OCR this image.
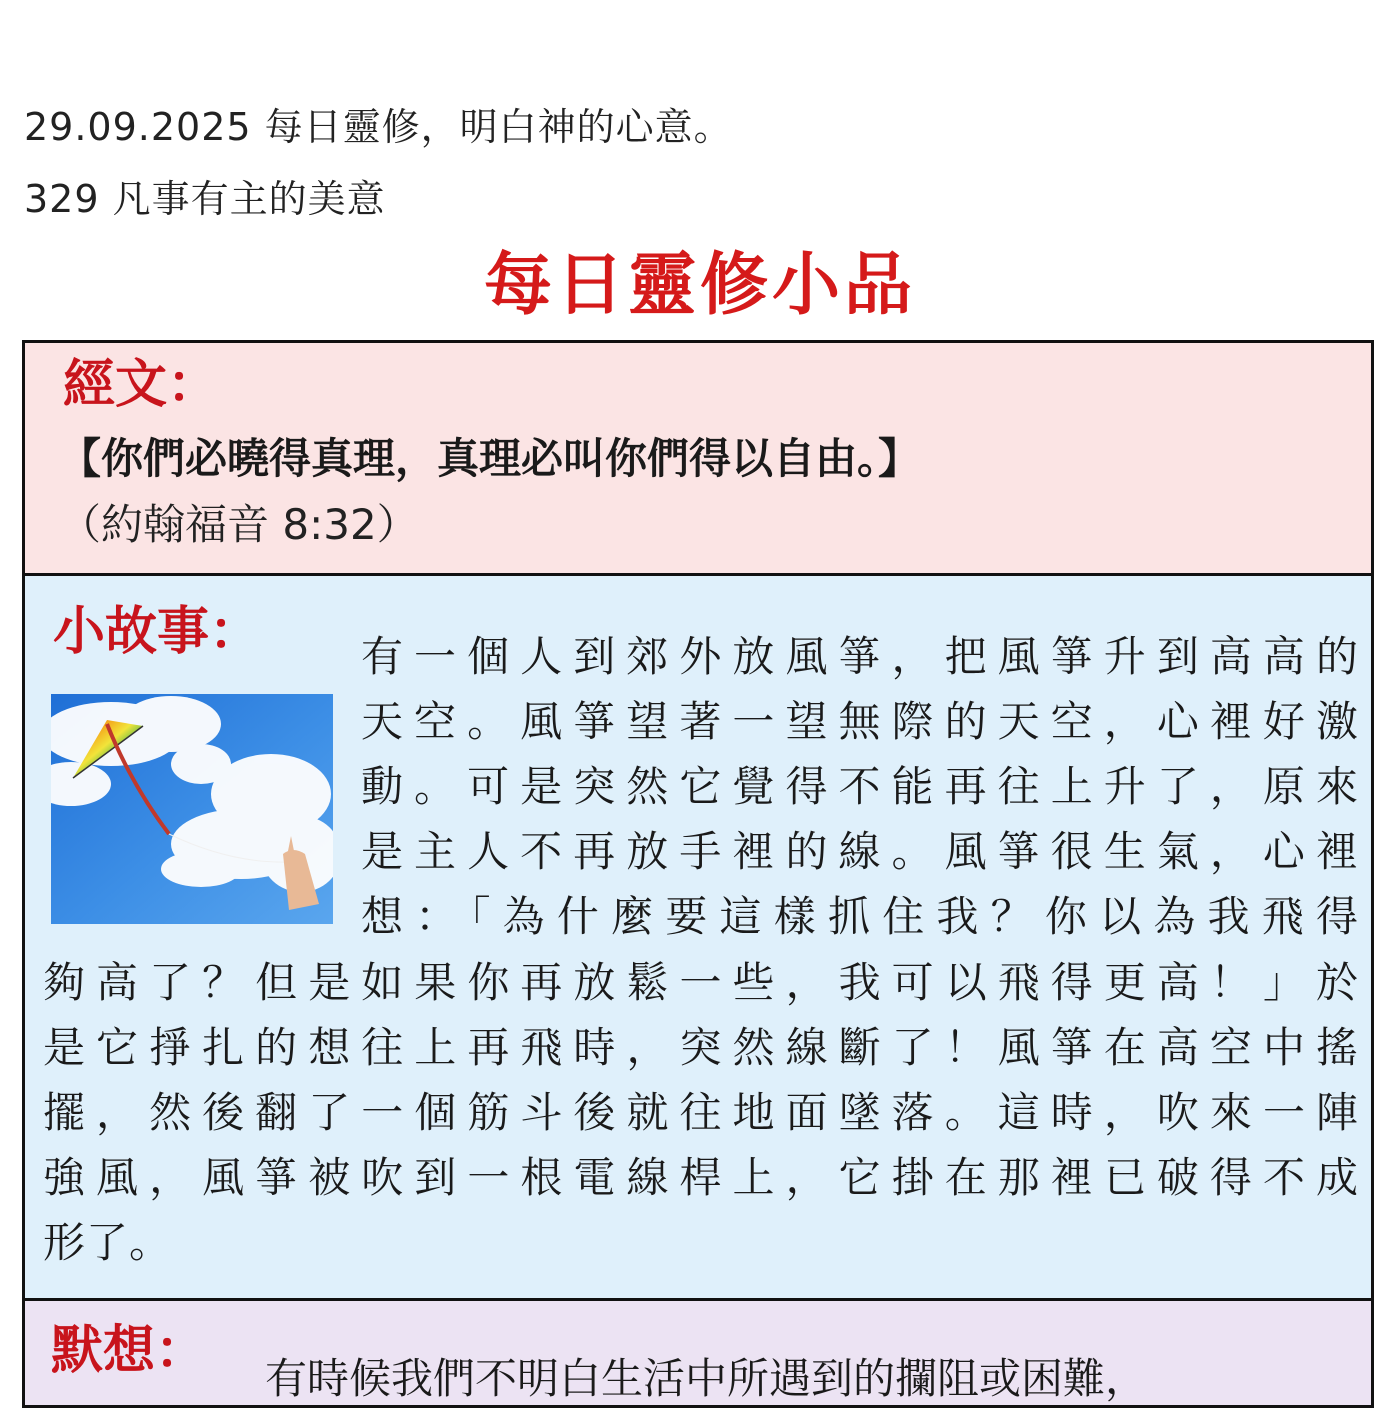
29.09.2025 每日靈修，明白神的心意。
329 凡事有主的美意
每日靈修小品
經文：
【你們必曉得真理，真理必叫你們得以自由。】
（約翰福音 8:32）
小故事： 有一個人到郊外放風箏，把風箏升到高高的
天空。風箏望著一望無際的天空，心裡好激
動。可是突然它覺得不能再往上升了，原來
是主人不再放手裡的線。風箏很生氣，心裡
想：「為什麼要這樣抓住我？你以為我飛得
夠高了？但是如果你再放鬆一些，我可以飛得更高！」於
是它掙扎的想往上再飛時，突然線斷了！風箏在高空中搖
擺，然後翻了一個筋斗後就往地面墜落。這時，吹來一陣
強風，風箏被吹到一根電線桿上，它掛在那裡已破得不成
形了。
默想： 有時候我們不明白生活中所遇到的攔阻或困難，
